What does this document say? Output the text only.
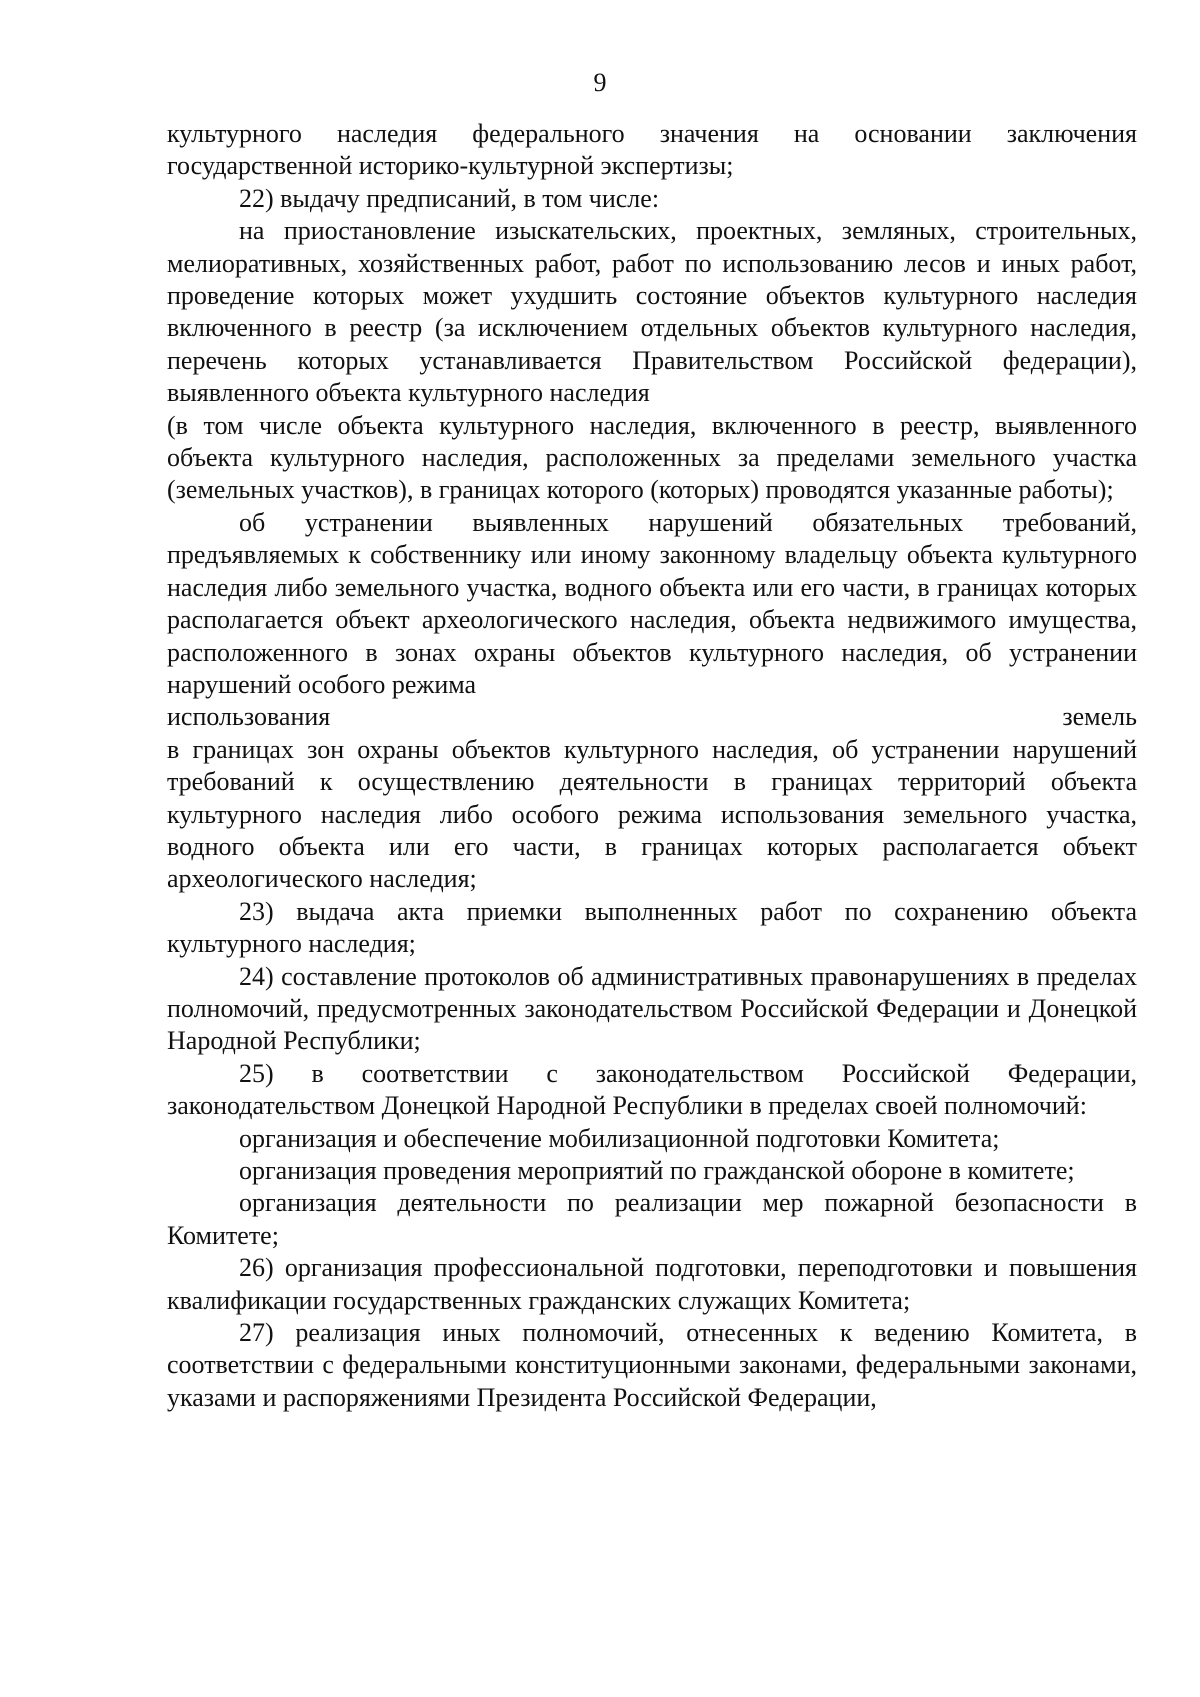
9

культурного наследия федерального значения на основании заключения государственной историко-культурной экспертизы;

22) выдачу предписаний, в том числе:

на приостановление изыскательских, проектных, земляных, строительных, мелиоративных, хозяйственных работ, работ по использованию лесов и иных работ, проведение которых может ухудшить состояние объектов культурного наследия включенного в реестр (за исключением отдельных объектов культурного наследия, перечень которых устанавливается Правительством Российской федерации), выявленного объекта культурного наследия

(в том числе объекта культурного наследия, включенного в реестр, выявленного объекта культурного наследия, расположенных за пределами земельного участка (земельных участков), в границах которого (которых) проводятся указанные работы);

об устранении выявленных нарушений обязательных требований, предъявляемых к собственнику или иному законному владельцу объекта культурного наследия либо земельного участка, водного объекта или его части, в границах которых располагается объект археологического наследия, объекта недвижимого имущества, расположенного в зонах охраны объектов культурного наследия, об устранении нарушений особого режима

использования	земель

в границах зон охраны объектов культурного наследия, об устранении нарушений требований к осуществлению деятельности в границах территорий объекта культурного наследия либо особого режима использования земельного участка, водного объекта или его части, в границах которых располагается объект археологического наследия;

23) выдача акта приемки выполненных работ по сохранению объекта культурного наследия;

24) составление протоколов об административных правонарушениях в пределах полномочий, предусмотренных законодательством Российской Федерации и Донецкой Народной Республики;

25) в соответствии с законодательством Российской Федерации, законодательством Донецкой Народной Республики в пределах своей полномочий:

организация и обеспечение мобилизационной подготовки Комитета;

организация проведения мероприятий по гражданской обороне в комитете;

организация деятельности по реализации мер пожарной безопасности в Комитете;

26) организация профессиональной подготовки, переподготовки и повышения квалификации государственных гражданских служащих Комитета;

27) реализация иных полномочий, отнесенных к ведению Комитета, в соответствии с федеральными конституционными законами, федеральными законами, указами и распоряжениями Президента Российской Федерации,
